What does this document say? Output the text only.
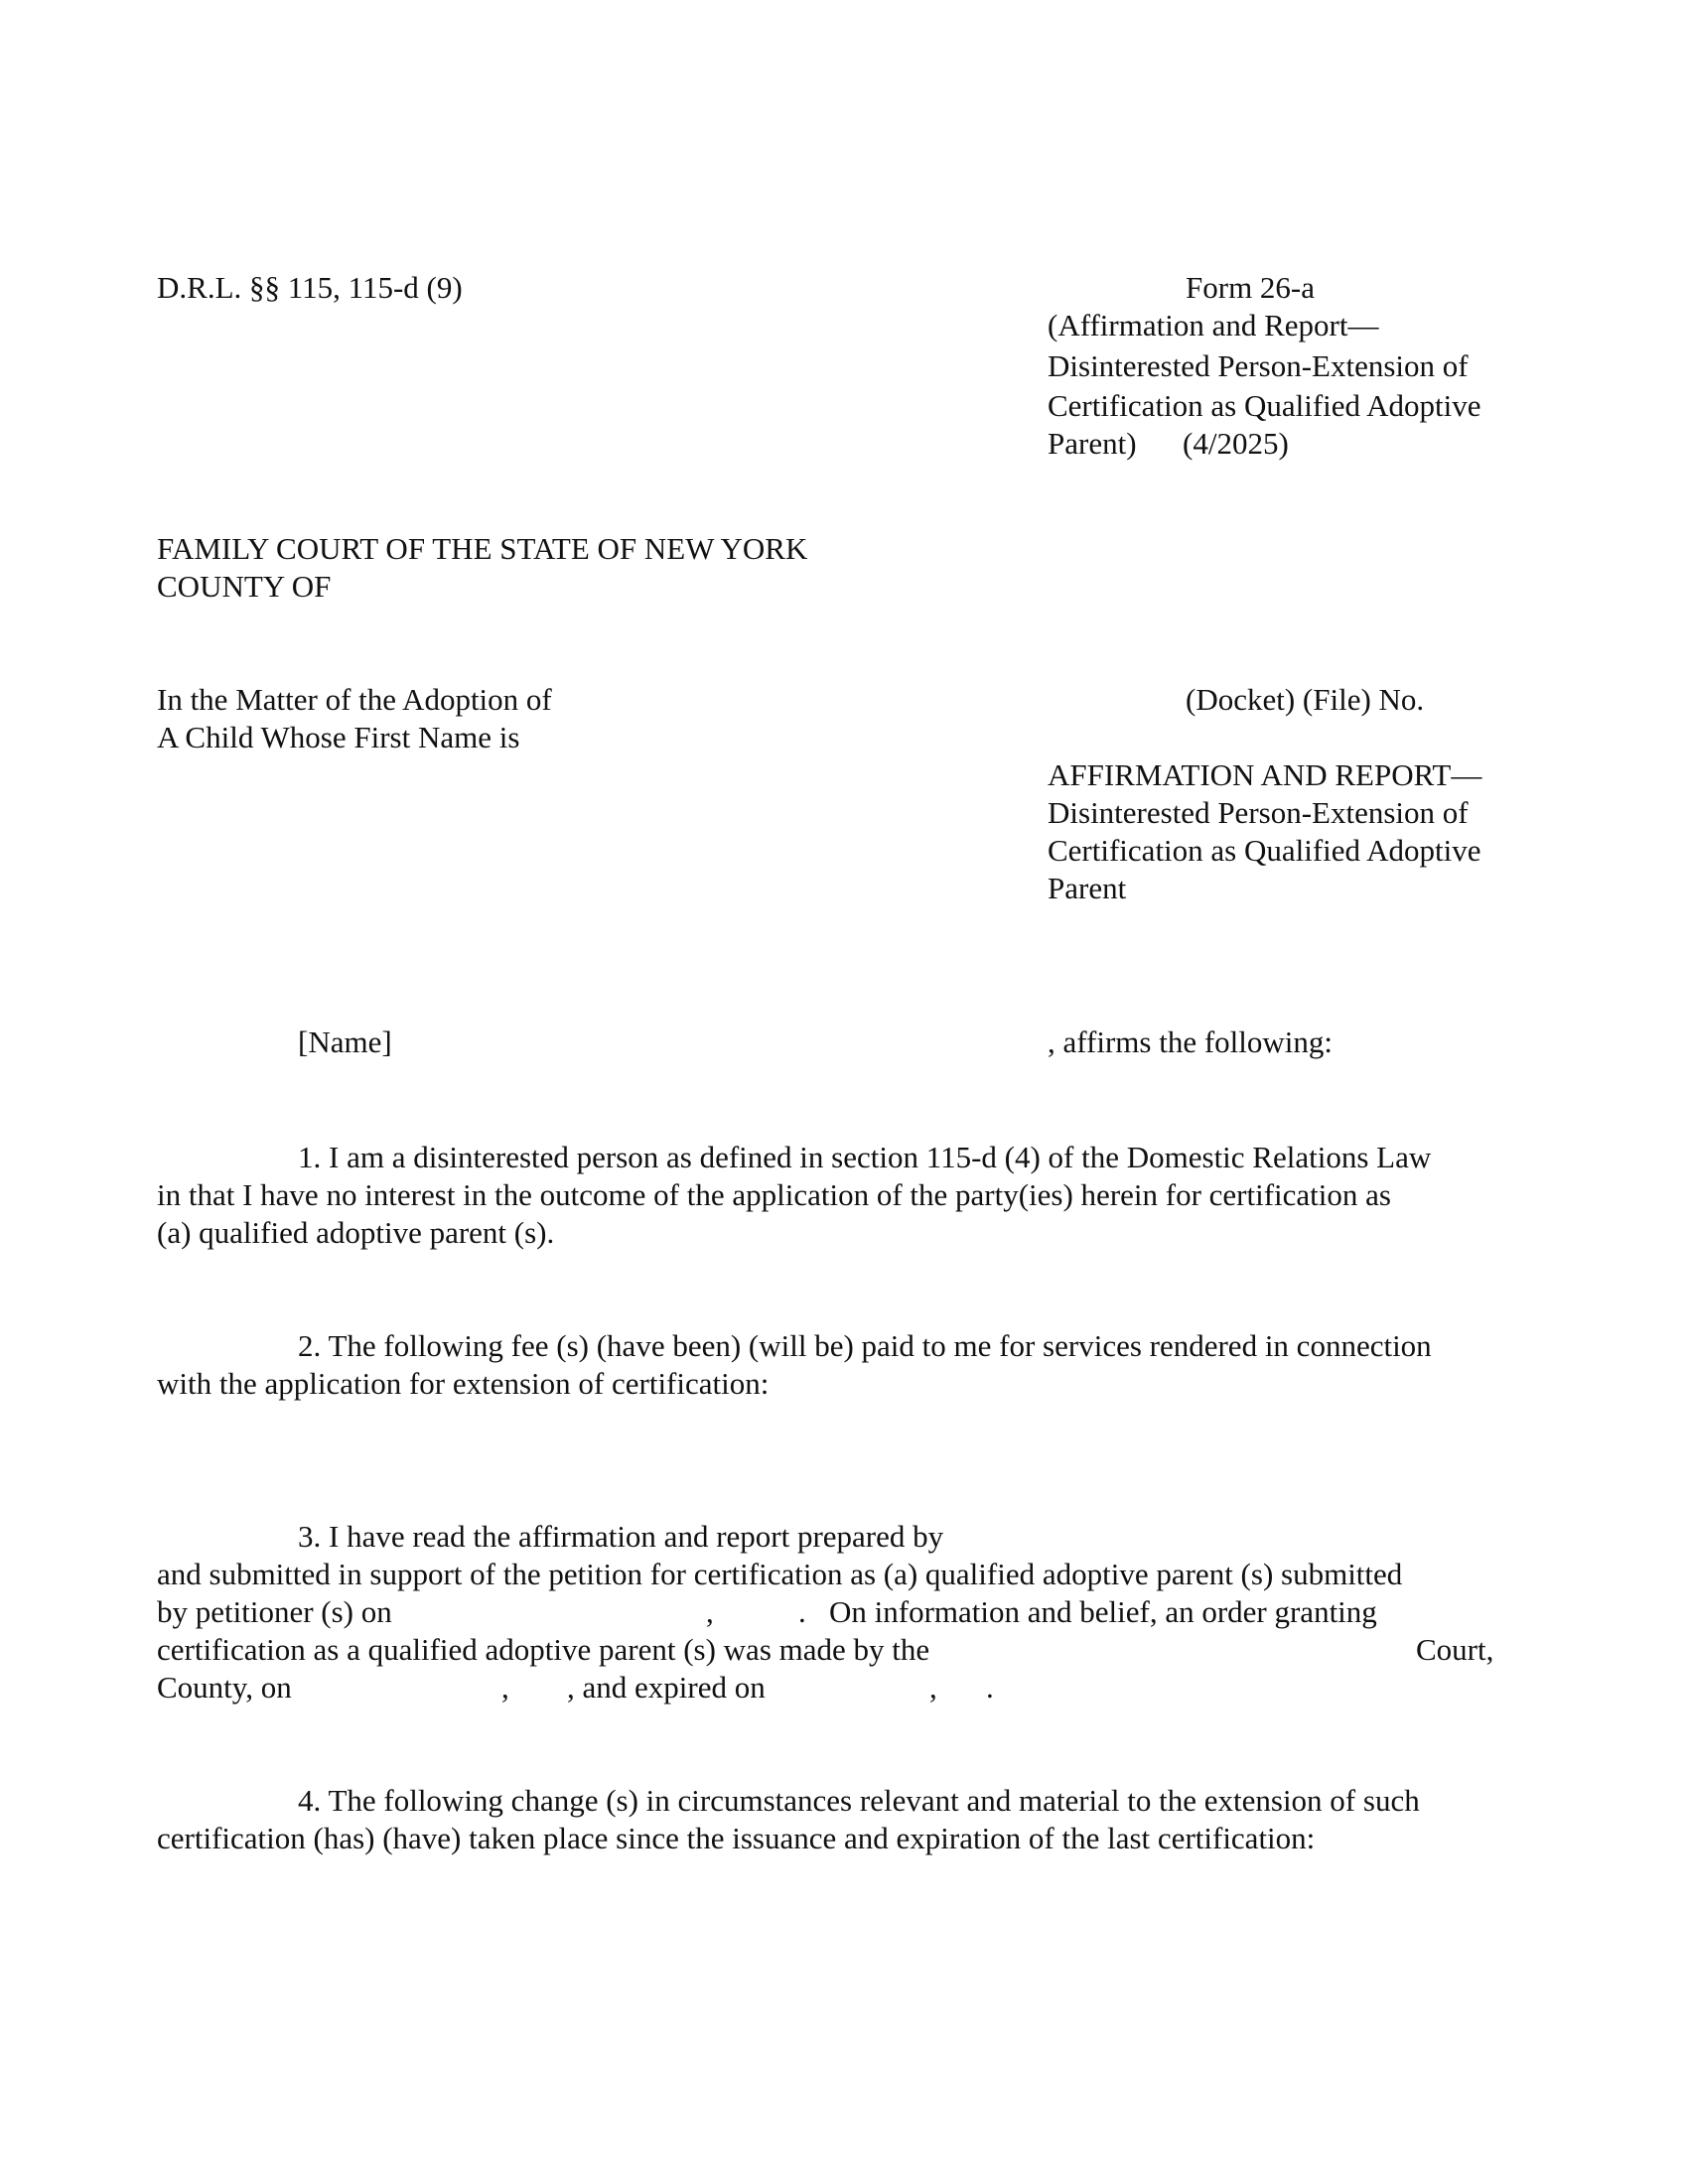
D.R.L. §§ 115, 115-d (9)	Form 26-a
(Affirmation and Report—
Disinterested Person-Extension of
Certification as Qualified Adoptive
Parent)      (4/2025)
FAMILY COURT OF THE STATE OF NEW YORK
COUNTY OF
In the Matter of the Adoption of
A Child Whose First Name is
(Docket) (File) No.
AFFIRMATION AND REPORT—
Disinterested Person-Extension of
Certification as Qualified Adoptive
Parent
[Name]	, affirms the following:
1. I am a disinterested person as defined in section 115-d (4) of the Domestic Relations Law
in that I have no interest in the outcome of the application of the party(ies) herein for certification as
(a) qualified adoptive parent (s).
2. The following fee (s) (have been) (will be) paid to me for services rendered in connection
with the application for extension of certification:
3. I have read the affirmation and report prepared by
and submitted in support of the petition for certification as (a) qualified adoptive parent (s) submitted
by petitioner (s) on	,	.   On information and belief, an order granting
certification as a qualified adoptive parent (s) was made by the	Court,
County, on	, , and expired on	, .
4. The following change (s) in circumstances relevant and material to the extension of such
certification (has) (have) taken place since the issuance and expiration of the last certification:
